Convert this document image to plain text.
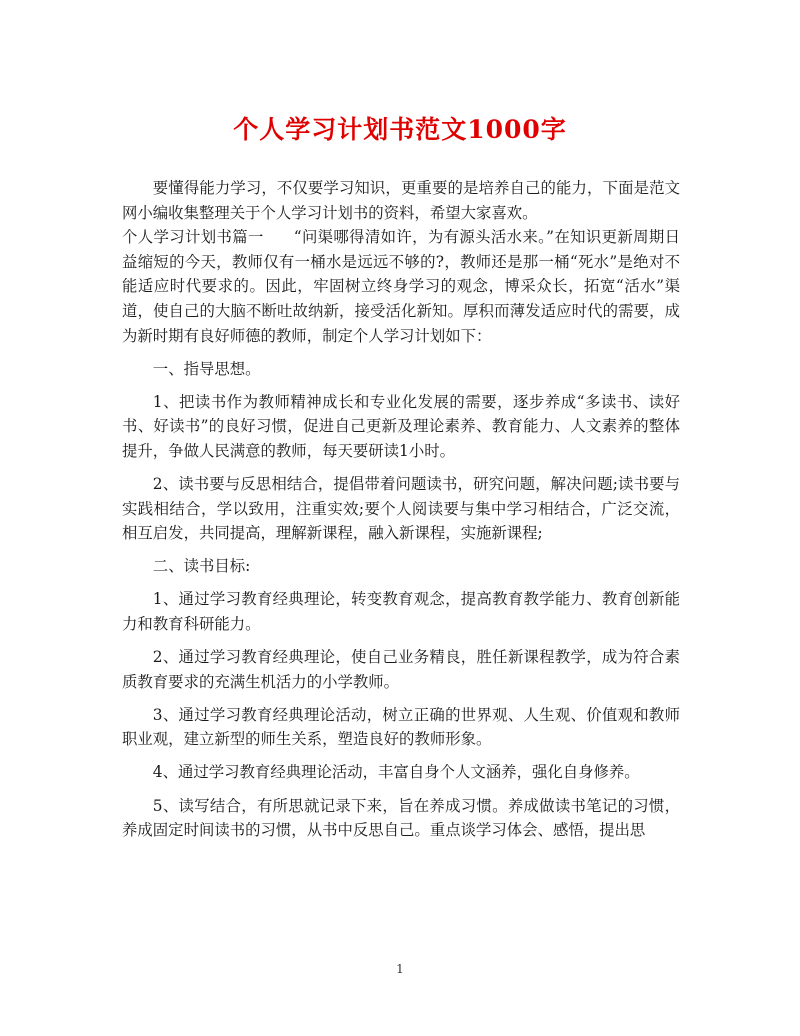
个人学习计划书范文1000字

要懂得能力学习，不仅要学习知识，更重要的是培养自己的能力，下面是范文网小编收集整理关于个人学习计划书的资料，希望大家喜欢。

个人学习计划书篇一 “问渠哪得清如许，为有源头活水来。”在知识更新周期日益缩短的今天，教师仅有一桶水是远远不够的?，教师还是那一桶“死水”是绝对不能适应时代要求的。因此，牢固树立终身学习的观念，博采众长，拓宽“活水”渠道，使自己的大脑不断吐故纳新，接受活化新知。厚积而薄发适应时代的需要，成为新时期有良好师德的教师，制定个人学习计划如下：

一、指导思想。

1、把读书作为教师精神成长和专业化发展的需要，逐步养成“多读书、读好书、好读书”的良好习惯，促进自己更新及理论素养、教育能力、人文素养的整体提升，争做人民满意的教师，每天要研读1小时。

2、读书要与反思相结合，提倡带着问题读书，研究问题，解决问题;读书要与实践相结合，学以致用，注重实效;要个人阅读要与集中学习相结合，广泛交流，相互启发，共同提高，理解新课程，融入新课程，实施新课程;

二、读书目标:

1、通过学习教育经典理论，转变教育观念，提高教育教学能力、教育创新能力和教育科研能力。

2、通过学习教育经典理论，使自己业务精良，胜任新课程教学，成为符合素质教育要求的充满生机活力的小学教师。

3、通过学习教育经典理论活动，树立正确的世界观、人生观、价值观和教师职业观，建立新型的师生关系，塑造良好的教师形象。

4、通过学习教育经典理论活动，丰富自身个人文涵养，强化自身修养。

5、读写结合，有所思就记录下来，旨在养成习惯。养成做读书笔记的习惯，养成固定时间读书的习惯，从书中反思自己。重点谈学习体会、感悟，提出思

1
